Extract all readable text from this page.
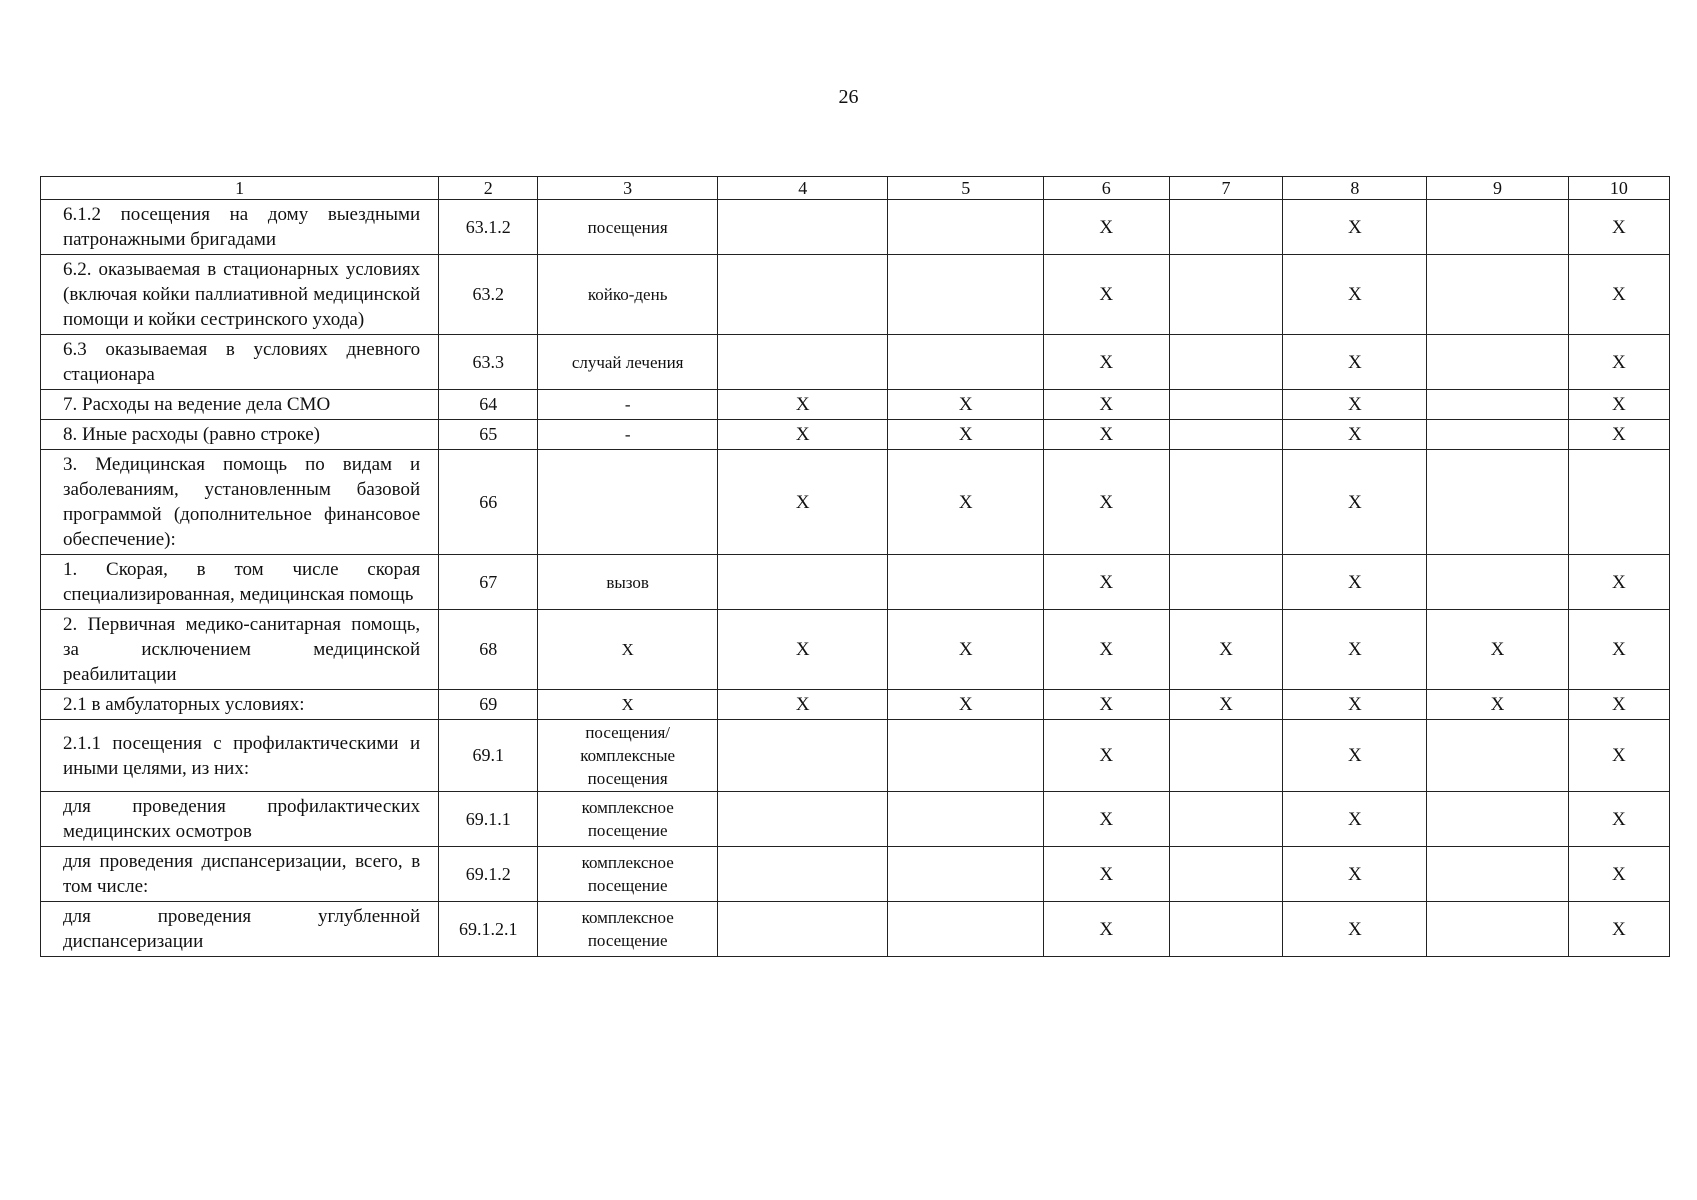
26
1	2	3	4	5	6	7	8	9	10
6.1.2 посещения на дому выездными патронажными бригадами	63.1.2	посещения			X		X		X
6.2. оказываемая в стационарных условиях (включая койки паллиативной медицинской помощи и койки сестринского ухода)	63.2	койко-день			X		X		X
6.3 оказываемая в условиях дневного стационара	63.3	случай лечения			X		X		X
7. Расходы на ведение дела СМО	64	-	X	X	X		X		X
8. Иные расходы (равно строке)	65	-	X	X	X		X		X
3. Медицинская помощь по видам и заболеваниям, установленным базовой программой (дополнительное финансовое обеспечение):	66		X	X	X		X		
1. Скорая, в том числе скорая специализированная, медицинская помощь	67	вызов			X		X		X
2. Первичная медико-санитарная помощь, за исключением медицинской реабилитации	68	X	X	X	X	X	X	X	X
2.1 в амбулаторных условиях:	69	X	X	X	X	X	X	X	X
2.1.1 посещения с профилактическими и иными целями, из них:	69.1	посещения/ комплексные посещения			X		X		X
для проведения профилактических медицинских осмотров	69.1.1	комплексное посещение			X		X		X
для проведения диспансеризации, всего, в том числе:	69.1.2	комплексное посещение			X		X		X
для проведения углубленной диспансеризации	69.1.2.1	комплексное посещение			X		X		X
